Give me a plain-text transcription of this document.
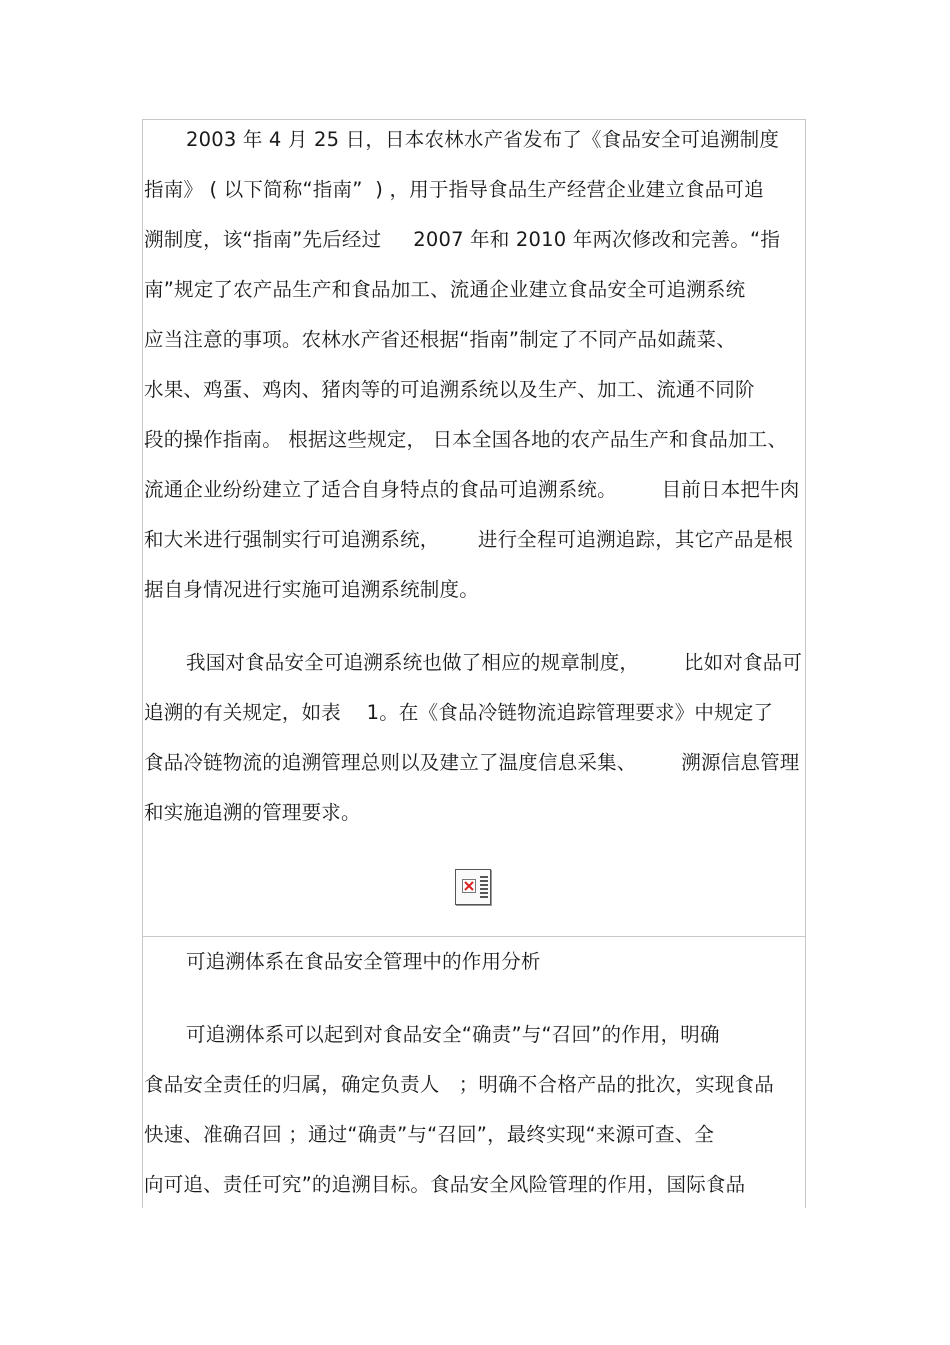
2003 年 4 月 25 日，日本农林水产省发布了《食品安全可追溯制度
指南》 ( 以下简称“指南”  ) ，用于指导食品生产经营企业建立食品可追
溯制度，该“指南”先后经过     2007 年和 2010 年两次修改和完善。“指
南”规定了农产品生产和食品加工、流通企业建立食品安全可追溯系统
应当注意的事项。农林水产省还根据“指南”制定了不同产品如蔬菜、
水果、鸡蛋、鸡肉、猪肉等的可追溯系统以及生产、加工、流通不同阶
段的操作指南。 根据这些规定， 日本全国各地的农产品生产和食品加工、
流通企业纷纷建立了适合自身特点的食品可追溯系统。       目前日本把牛肉
和大米进行强制实行可追溯系统，      进行全程可追溯追踪，其它产品是根
据自身情况进行实施可追溯系统制度。
我国对食品安全可追溯系统也做了相应的规章制度，       比如对食品可
追溯的有关规定，如表    1。在《食品冷链物流追踪管理要求》中规定了
食品冷链物流的追溯管理总则以及建立了温度信息采集、       溯源信息管理
和实施追溯的管理要求。
可追溯体系在食品安全管理中的作用分析
可追溯体系可以起到对食品安全“确责”与“召回”的作用，明确
食品安全责任的归属，确定负责人   ；明确不合格产品的批次，实现食品
快速、准确召回 ；通过“确责”与“召回”，最终实现“来源可查、全
向可追、责任可究”的追溯目标。食品安全风险管理的作用，国际食品
